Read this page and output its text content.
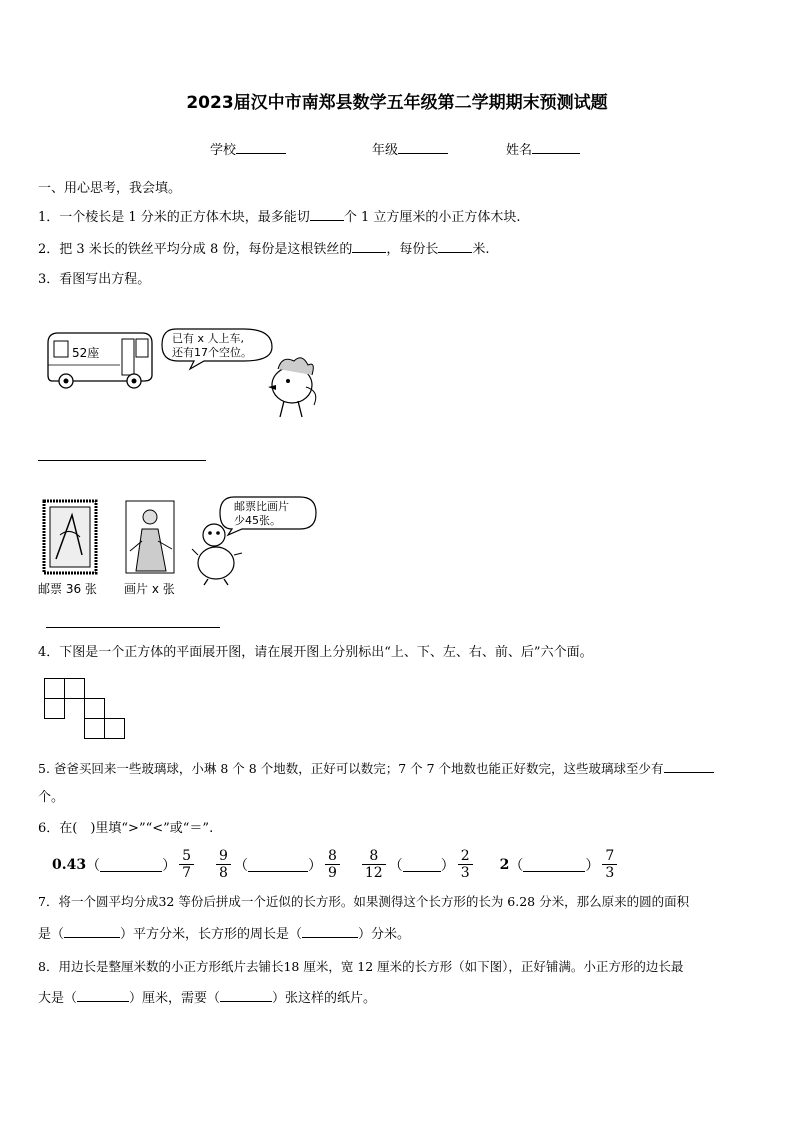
2023届汉中市南郑县数学五年级第二学期期末预测试题
学校	年级	姓名
一、用心思考，我会填。
1．一个棱长是 1 分米的正方体木块，最多能切	个 1 立方厘米的小正方体木块.
2．把 3 米长的铁丝平均分成 8 份，每份是这根铁丝的	，每份长	米.
3．看图写出方程。
52座
已有 x 人上车,
还有17个空位。
邮票比画片
少45张。
邮票 36 张 画片 x 张
4．下图是一个正方体的平面展开图，请在展开图上分别标出“上、下、左、右、前、后”六个面。
5. 爸爸买回来一些玻璃球，小琳 8 个 8 个地数，正好可以数完；7 个 7 个地数也能正好数完，这些玻璃球至少有
个。
6．在(　)里填“>”“<”或“＝”.
0.43 （	） $\frac{5}{7} \frac{9}{8}$ （	） $\frac{8}{9} \frac{8}{12}$ （	） $\frac{2}{3} 2$ （	） $\frac{7}{3}$
7．将一个圆平均分成32 等份后拼成一个近似的长方形。如果测得这个长方形的长为 6.28 分米，那么原来的圆的面积
是（	）平方分米，长方形的周长是（	）分米。
8．用边长是整厘米数的小正方形纸片去铺长18 厘米，宽 12 厘米的长方形（如下图），正好铺满。小正方形的边长最
大是（	）厘米，需要（	）张这样的纸片。
